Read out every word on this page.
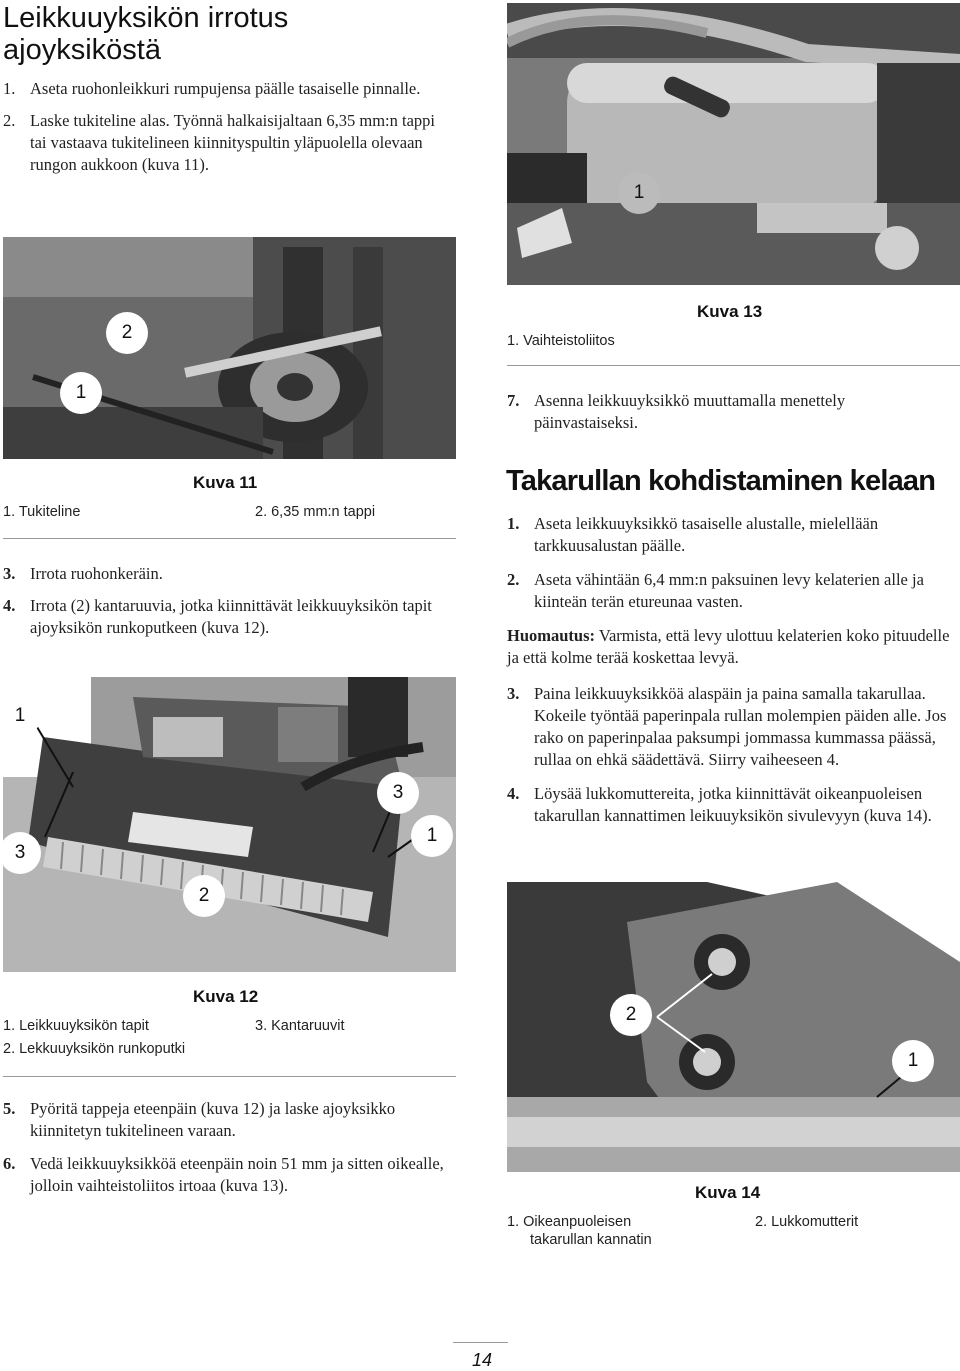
Leikkuuyksikön irrotus
ajoyksiköstä
1. Aseta ruohonleikkuri rumpujensa päälle tasaiselle pinnalle.
2. Laske tukiteline alas. Työnnä halkaisijaltaan 6,35 mm:n tappi tai vastaava tukitelineen kiinnityspultin yläpuolella olevaan rungon aukkoon (kuva 11).
2
1
Kuva 11
1. Tukiteline	2. 6,35 mm:n tappi
3. Irrota ruohonkeräin.
4. Irrota (2) kantaruuvia, jotka kiinnittävät leikkuuyksikön tapit ajoyksikön runkoputkeen (kuva 12).
1
3
3
1
2
Kuva 12
1. Leikkuuyksikön tapit	3. Kantaruuvit
2. Lekkuuyksikön runkoputki
5. Pyöritä tappeja eteenpäin (kuva 12) ja laske ajoyksikko kiinnitetyn tukitelineen varaan.
6. Vedä leikkuuyksikköä eteenpäin noin 51 mm ja sitten oikealle, jolloin vaihteistoliitos irtoaa (kuva 13).
1
Kuva 13
1. Vaihteistoliitos
7. Asenna leikkuuyksikkö muuttamalla menettely päinvastaiseksi.
Takarullan kohdistaminen kelaan
1. Aseta leikkuuyksikkö tasaiselle alustalle, mielellään tarkkuusalustan päälle.
2. Aseta vähintään 6,4 mm:n paksuinen levy kelaterien alle ja kiinteän terän etureunaa vasten.
Huomautus: Varmista, että levy ulottuu kelaterien koko pituudelle ja että kolme terää koskettaa levyä.
3. Paina leikkuuyksikköä alaspäin ja paina samalla takarullaa. Kokeile työntää paperinpala rullan molempien päiden alle. Jos rako on paperinpalaa paksumpi jommassa kummassa päässä, rullaa on ehkä säädettävä. Siirry vaiheeseen 4.
4. Löysää lukkomuttereita, jotka kiinnittävät oikeanpuoleisen takarullan kannattimen leikuuyksikön sivulevyyn (kuva 14).
2
1
Kuva 14
1. Oikeanpuoleisen
takarullan kannatin
2. Lukkomutterit
14
